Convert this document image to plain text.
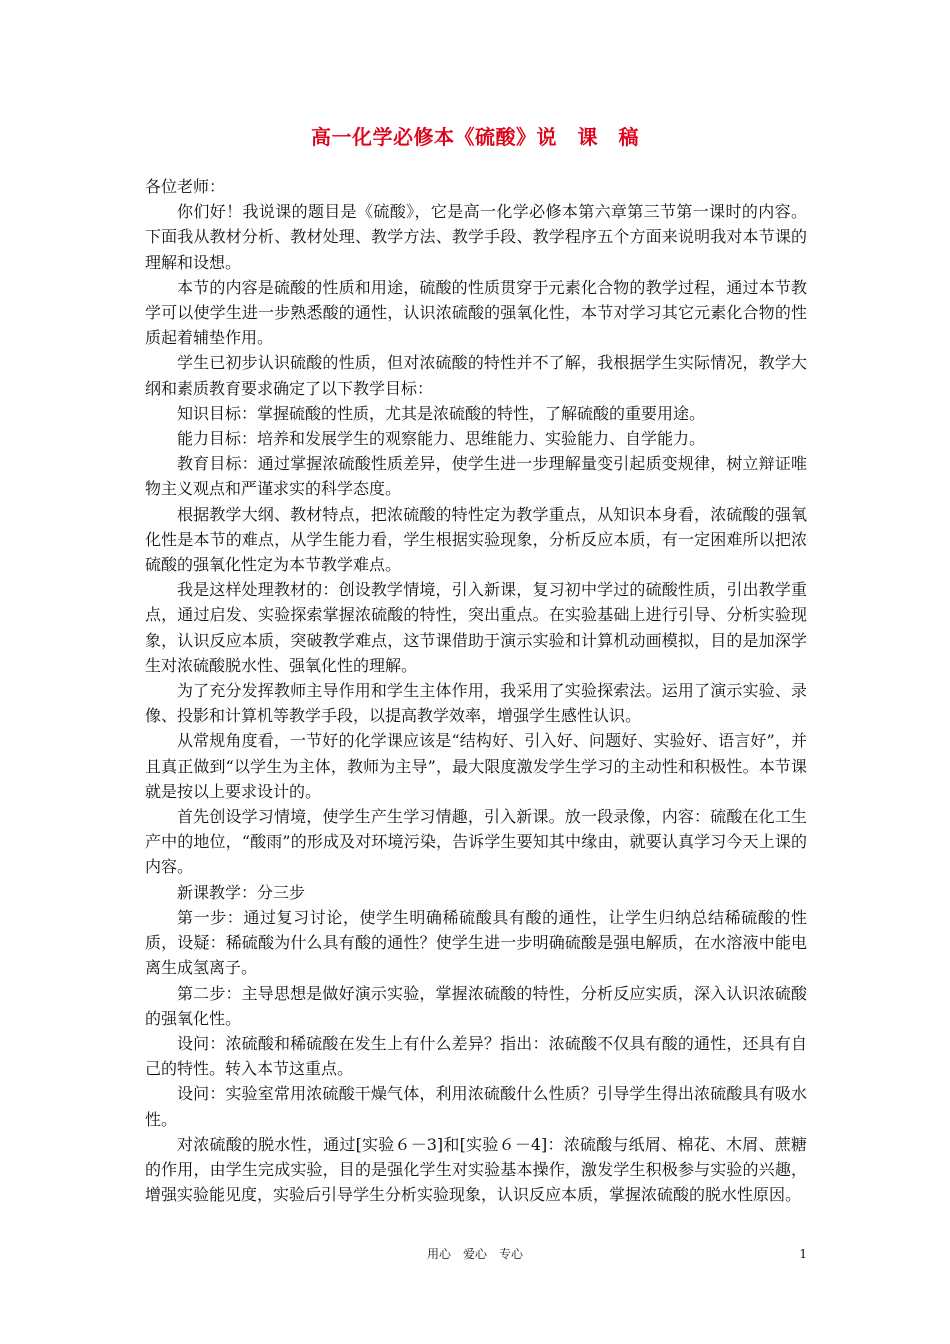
高一化学必修本《硫酸》说　课　稿

各位老师：

你们好！我说课的题目是《硫酸》，它是高一化学必修本第六章第三节第一课时的内容。下面我从教材分析、教材处理、教学方法、教学手段、教学程序五个方面来说明我对本节课的理解和设想。

本节的内容是硫酸的性质和用途，硫酸的性质贯穿于元素化合物的教学过程，通过本节教学可以使学生进一步熟悉酸的通性，认识浓硫酸的强氧化性，本节对学习其它元素化合物的性质起着辅垫作用。

学生已初步认识硫酸的性质，但对浓硫酸的特性并不了解，我根据学生实际情况，教学大纲和素质教育要求确定了以下教学目标：

知识目标：掌握硫酸的性质，尤其是浓硫酸的特性，了解硫酸的重要用途。

能力目标：培养和发展学生的观察能力、思维能力、实验能力、自学能力。

教育目标：通过掌握浓硫酸性质差异，使学生进一步理解量变引起质变规律，树立辩证唯物主义观点和严谨求实的科学态度。

根据教学大纲、教材特点，把浓硫酸的特性定为教学重点，从知识本身看，浓硫酸的强氧化性是本节的难点，从学生能力看，学生根据实验现象，分析反应本质，有一定困难所以把浓硫酸的强氧化性定为本节教学难点。

我是这样处理教材的：创设教学情境，引入新课，复习初中学过的硫酸性质，引出教学重点，通过启发、实验探索掌握浓硫酸的特性，突出重点。在实验基础上进行引导、分析实验现象，认识反应本质，突破教学难点，这节课借助于演示实验和计算机动画模拟，目的是加深学生对浓硫酸脱水性、强氧化性的理解。

为了充分发挥教师主导作用和学生主体作用，我采用了实验探索法。运用了演示实验、录像、投影和计算机等教学手段，以提高教学效率，增强学生感性认识。

从常规角度看，一节好的化学课应该是“结构好、引入好、问题好、实验好、语言好”，并且真正做到“以学生为主体，教师为主导”，最大限度激发学生学习的主动性和积极性。本节课就是按以上要求设计的。

首先创设学习情境，使学生产生学习情趣，引入新课。放一段录像，内容：硫酸在化工生产中的地位，“酸雨”的形成及对环境污染，告诉学生要知其中缘由，就要认真学习今天上课的内容。

新课教学：分三步

第一步：通过复习讨论，使学生明确稀硫酸具有酸的通性，让学生归纳总结稀硫酸的性质，设疑：稀硫酸为什么具有酸的通性？使学生进一步明确硫酸是强电解质，在水溶液中能电离生成氢离子。

第二步：主导思想是做好演示实验，掌握浓硫酸的特性，分析反应实质，深入认识浓硫酸的强氧化性。

设问：浓硫酸和稀硫酸在发生上有什么差异？指出：浓硫酸不仅具有酸的通性，还具有自己的特性。转入本节这重点。

设问：实验室常用浓硫酸干燥气体，利用浓硫酸什么性质？引导学生得出浓硫酸具有吸水性。

对浓硫酸的脱水性，通过[实验６－3]和[实验６－4]：浓硫酸与纸屑、棉花、木屑、蔗糖的作用，由学生完成实验，目的是强化学生对实验基本操作，激发学生积极参与实验的兴趣，增强实验能见度，实验后引导学生分析实验现象，认识反应本质，掌握浓硫酸的脱水性原因。

用心　爱心　专心	1
